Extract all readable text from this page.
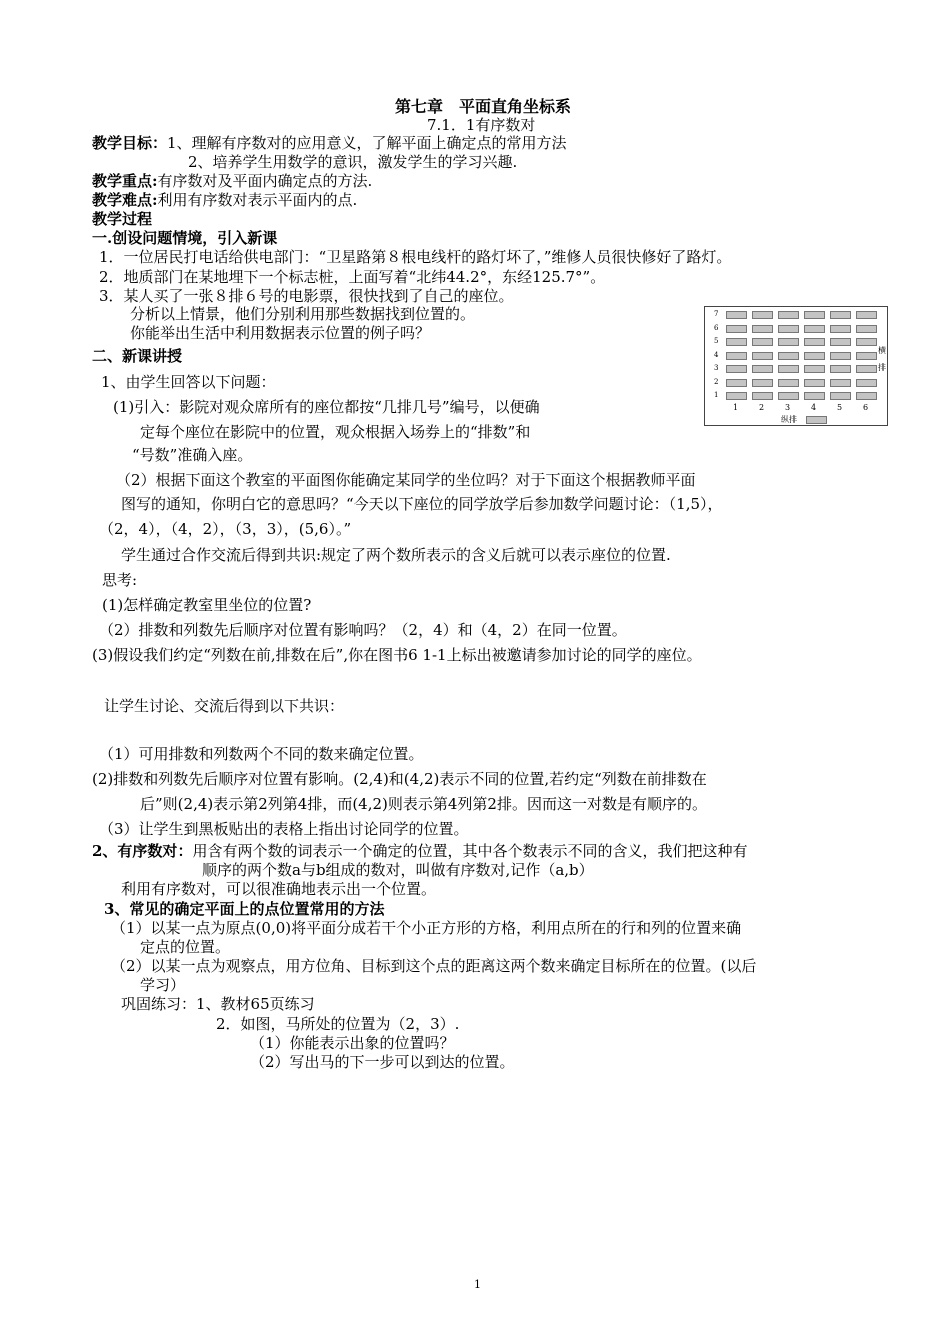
第七章　平面直角坐标系
7.1．1有序数对
教学目标：1、理解有序数对的应用意义，了解平面上确定点的常用方法
2、培养学生用数学的意识，激发学生的学习兴趣.
教学重点:有序数对及平面内确定点的方法.
教学难点:利用有序数对表示平面内的点.
教学过程
一.创设问题情境，引入新课
1．一位居民打电话给供电部门：“卫星路第８根电线杆的路灯坏了，”维修人员很快修好了路灯。
2．地质部门在某地埋下一个标志桩，上面写着“北纬44.2°，东经125.7°”。
3．某人买了一张８排６号的电影票，很快找到了自己的座位。
分析以上情景，他们分别利用那些数据找到位置的。
你能举出生活中利用数据表示位置的例子吗？
7
6
5
4
3
2
1
1	2	3	4	5	6
横
排
纵排
二、新课讲授
1、由学生回答以下问题：
(1)引入：影院对观众席所有的座位都按“几排几号”编号，以便确
定每个座位在影院中的位置，观众根据入场券上的“排数”和
“号数”准确入座。
（2）根据下面这个教室的平面图你能确定某同学的坐位吗？对于下面这个根据教师平面
图写的通知，你明白它的意思吗？“今天以下座位的同学放学后参加数学问题讨论：（1,5），
（2，4），（4，2），（3，3），(5,6）。”
学生通过合作交流后得到共识:规定了两个数所表示的含义后就可以表示座位的位置.
思考:
(1)怎样确定教室里坐位的位置?
（2）排数和列数先后顺序对位置有影响吗？（2，4）和（4，2）在同一位置。
(3)假设我们约定“列数在前,排数在后”,你在图书6 1-1上标出被邀请参加讨论的同学的座位。
让学生讨论、交流后得到以下共识：
（1）可用排数和列数两个不同的数来确定位置。
(2)排数和列数先后顺序对位置有影响。(2,4)和(4,2)表示不同的位置,若约定“列数在前排数在
后”则(2,4)表示第2列第4排，而(4,2)则表示第4列第2排。因而这一对数是有顺序的。
（3）让学生到黑板贴出的表格上指出讨论同学的位置。
2、有序数对：用含有两个数的词表示一个确定的位置，其中各个数表示不同的含义，我们把这种有
顺序的两个数a与b组成的数对，叫做有序数对,记作（a,b）
利用有序数对，可以很准确地表示出一个位置。
3、常见的确定平面上的点位置常用的方法
（1）以某一点为原点(0,0)将平面分成若干个小正方形的方格，利用点所在的行和列的位置来确
定点的位置。
（2）以某一点为观察点，用方位角、目标到这个点的距离这两个数来确定目标所在的位置。(以后
学习）
巩固练习：1、教材65页练习
2．如图，马所处的位置为（2，3）.
（1）你能表示出象的位置吗？
（2）写出马的下一步可以到达的位置。
1
